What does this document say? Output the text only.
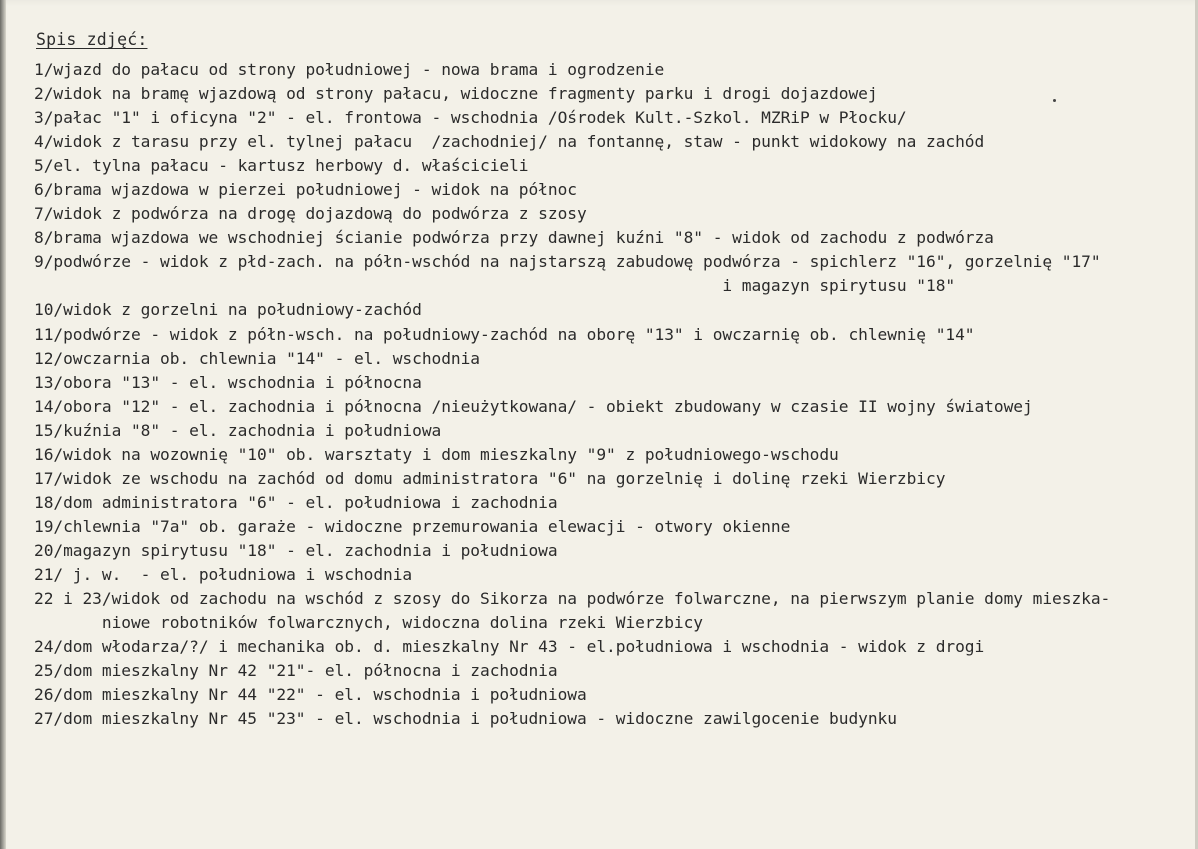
Spis zdjęć:
1/wjazd do pałacu od strony południowej - nowa brama i ogrodzenie
2/widok na bramę wjazdową od strony pałacu, widoczne fragmenty parku i drogi dojazdowej
3/pałac "1" i oficyna "2" - el. frontowa - wschodnia /Ośrodek Kult.-Szkol. MZRiP w Płocku/
4/widok z tarasu przy el. tylnej pałacu  /zachodniej/ na fontannę, staw - punkt widokowy na zachód
5/el. tylna pałacu - kartusz herbowy d. właścicieli
6/brama wjazdowa w pierzei południowej - widok na północ
7/widok z podwórza na drogę dojazdową do podwórza z szosy
8/brama wjazdowa we wschodniej ścianie podwórza przy dawnej kuźni "8" - widok od zachodu z podwórza
9/podwórze - widok z płd-zach. na półn-wschód na najstarszą zabudowę podwórza - spichlerz "16", gorzelnię "17"
i magazyn spirytusu "18"
10/widok z gorzelni na południowy-zachód
11/podwórze - widok z półn-wsch. na południowy-zachód na oborę "13" i owczarnię ob. chlewnię "14"
12/owczarnia ob. chlewnia "14" - el. wschodnia
13/obora "13" - el. wschodnia i północna
14/obora "12" - el. zachodnia i północna /nieużytkowana/ - obiekt zbudowany w czasie II wojny światowej
15/kuźnia "8" - el. zachodnia i południowa
16/widok na wozownię "10" ob. warsztaty i dom mieszkalny "9" z południowego-wschodu
17/widok ze wschodu na zachód od domu administratora "6" na gorzelnię i dolinę rzeki Wierzbicy
18/dom administratora "6" - el. południowa i zachodnia
19/chlewnia "7a" ob. garaże - widoczne przemurowania elewacji - otwory okienne
20/magazyn spirytusu "18" - el. zachodnia i południowa
21/ j. w.  - el. południowa i wschodnia
22 i 23/widok od zachodu na wschód z szosy do Sikorza na podwórze folwarczne, na pierwszym planie domy mieszka-
niowe robotników folwarcznych, widoczna dolina rzeki Wierzbicy
24/dom włodarza/?/ i mechanika ob. d. mieszkalny Nr 43 - el.południowa i wschodnia - widok z drogi
25/dom mieszkalny Nr 42 "21"- el. północna i zachodnia
26/dom mieszkalny Nr 44 "22" - el. wschodnia i południowa
27/dom mieszkalny Nr 45 "23" - el. wschodnia i południowa - widoczne zawilgocenie budynku
